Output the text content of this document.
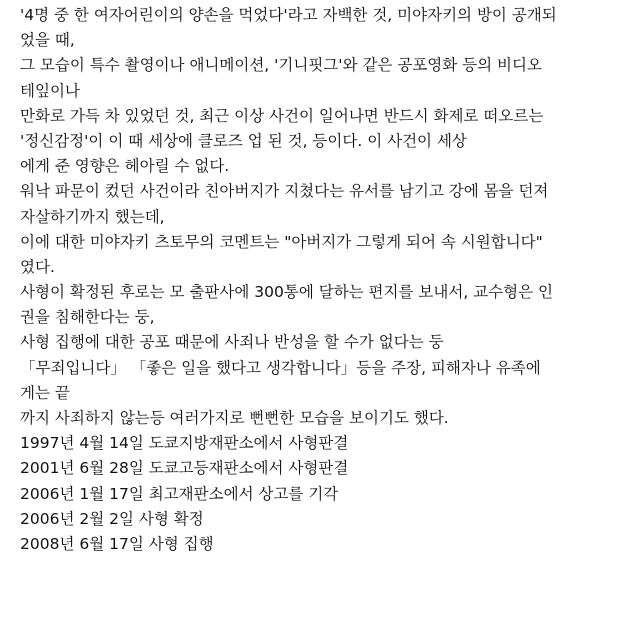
'4명 중 한 여자어린이의 양손을 먹었다'라고 자백한 것, 미야자키의 방이 공개되
었을 때,
그 모습이 특수 촬영이나 애니메이션, '기니핏그'와 같은 공포영화 등의 비디오
테잎이나
만화로 가득 차 있었던 것, 최근 이상 사건이 일어나면 반드시 화제로 떠오르는
'정신감정'이 이 때 세상에 클로즈 업 된 것, 등이다. 이 사건이 세상
에게 준 영향은 헤아릴 수 없다.
워낙 파문이 컸던 사건이라 친아버지가 지쳤다는 유서를 남기고 강에 몸을 던져
자살하기까지 했는데,
이에 대한 미야자키 츠토무의 코멘트는 "아버지가 그렇게 되어 속 시원합니다"
였다.
사형이 확정된 후로는 모 출판사에 300통에 달하는 편지를 보내서, 교수형은 인
권을 침해한다는 둥,
사형 집행에 대한 공포 때문에 사죄나 반성을 할 수가 없다는 둥
「무죄입니다」 「좋은 일을 했다고 생각합니다」등을 주장, 피해자나 유족에
게는 끝
까지 사죄하지 않는등 여러가지로 뻔뻔한 모습을 보이기도 했다.
1997년 4월 14일 도쿄지방재판소에서 사형판결
2001년 6월 28일 도쿄고등재판소에서 사형판결
2006년 1월 17일 최고재판소에서 상고를 기각
2006년 2월 2일 사형 확정
2008년 6월 17일 사형 집행
